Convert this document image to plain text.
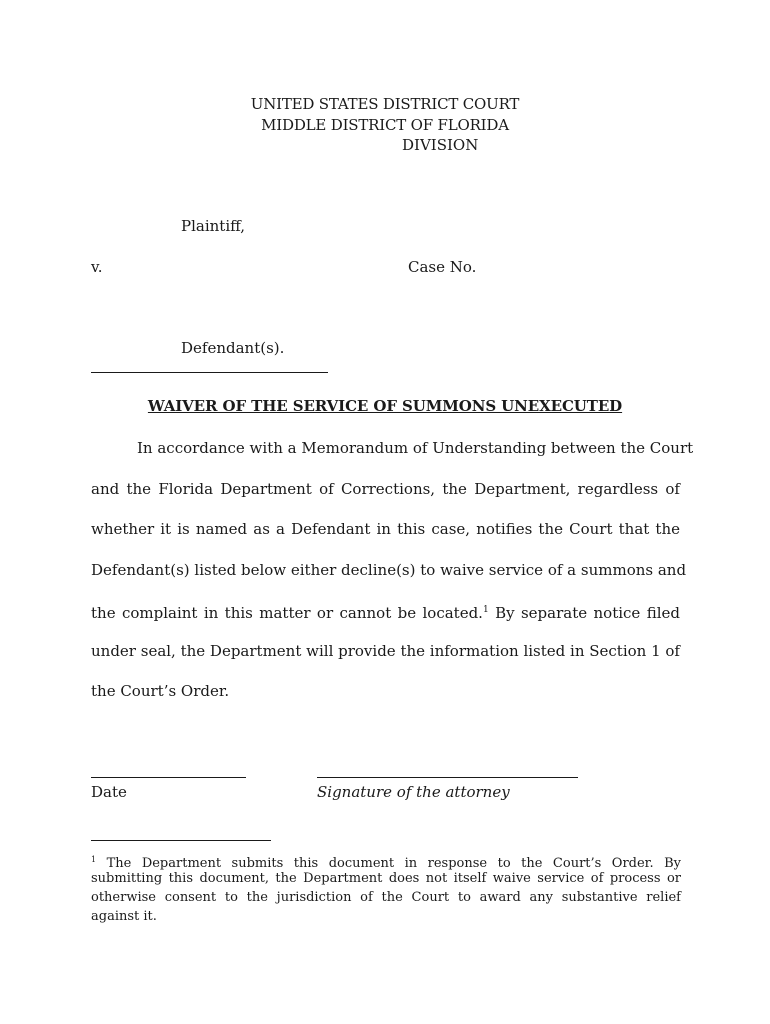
UNITED STATES DISTRICT COURT
MIDDLE DISTRICT OF FLORIDA
DIVISION
Plaintiff,
v.	Case No.
Defendant(s).
WAIVER OF THE SERVICE OF SUMMONS UNEXECUTED
In accordance with a Memorandum of Understanding between the Court
and the Florida Department of Corrections, the Department, regardless of
whether it is named as a Defendant in this case, notifies the Court that the
Defendant(s) listed below either decline(s) to waive service of a summons and
the complaint in this matter or cannot be located.$^1$ By separate notice filed
under seal, the Department will provide the information listed in Section 1 of
the Court’s Order.
Date	Signature of the attorney
$^1$ The Department submits this document in response to the Court’s Order. By
submitting this document, the Department does not itself waive service of process or
otherwise consent to the jurisdiction of the Court to award any substantive relief
against it.
